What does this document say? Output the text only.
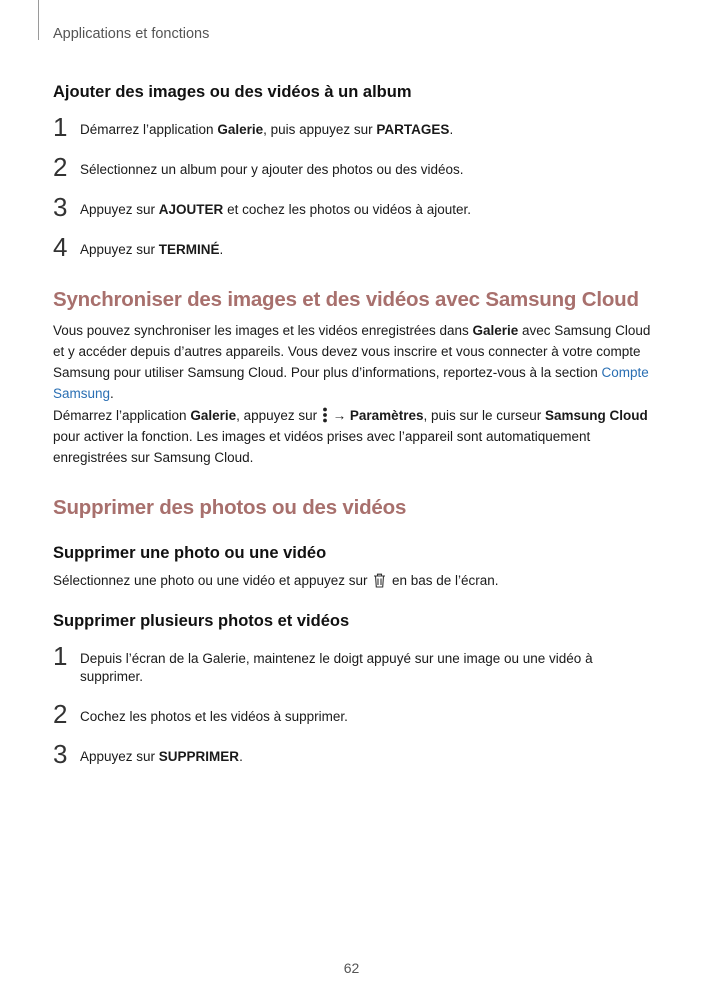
Applications et fonctions
Ajouter des images ou des vidéos à un album
1 Démarrez l’application Galerie, puis appuyez sur PARTAGES.
2 Sélectionnez un album pour y ajouter des photos ou des vidéos.
3 Appuyez sur AJOUTER et cochez les photos ou vidéos à ajouter.
4 Appuyez sur TERMINÉ.
Synchroniser des images et des vidéos avec Samsung Cloud

Vous pouvez synchroniser les images et les vidéos enregistrées dans Galerie avec Samsung Cloud et y accéder depuis d’autres appareils. Vous devez vous inscrire et vous connecter à votre compte Samsung pour utiliser Samsung Cloud. Pour plus d’informations, reportez-vous à la section Compte Samsung.

Démarrez l’application Galerie, appuyez sur  → Paramètres, puis sur le curseur Samsung Cloud pour activer la fonction. Les images et vidéos prises avec l’appareil sont automatiquement enregistrées sur Samsung Cloud.

Supprimer des photos ou des vidéos
Supprimer une photo ou une vidéo

Sélectionnez une photo ou une vidéo et appuyez sur  en bas de l’écran.

Supprimer plusieurs photos et vidéos
1 Depuis l’écran de la Galerie, maintenez le doigt appuyé sur une image ou une vidéo à supprimer.
2 Cochez les photos et les vidéos à supprimer.
3 Appuyez sur SUPPRIMER.
62
